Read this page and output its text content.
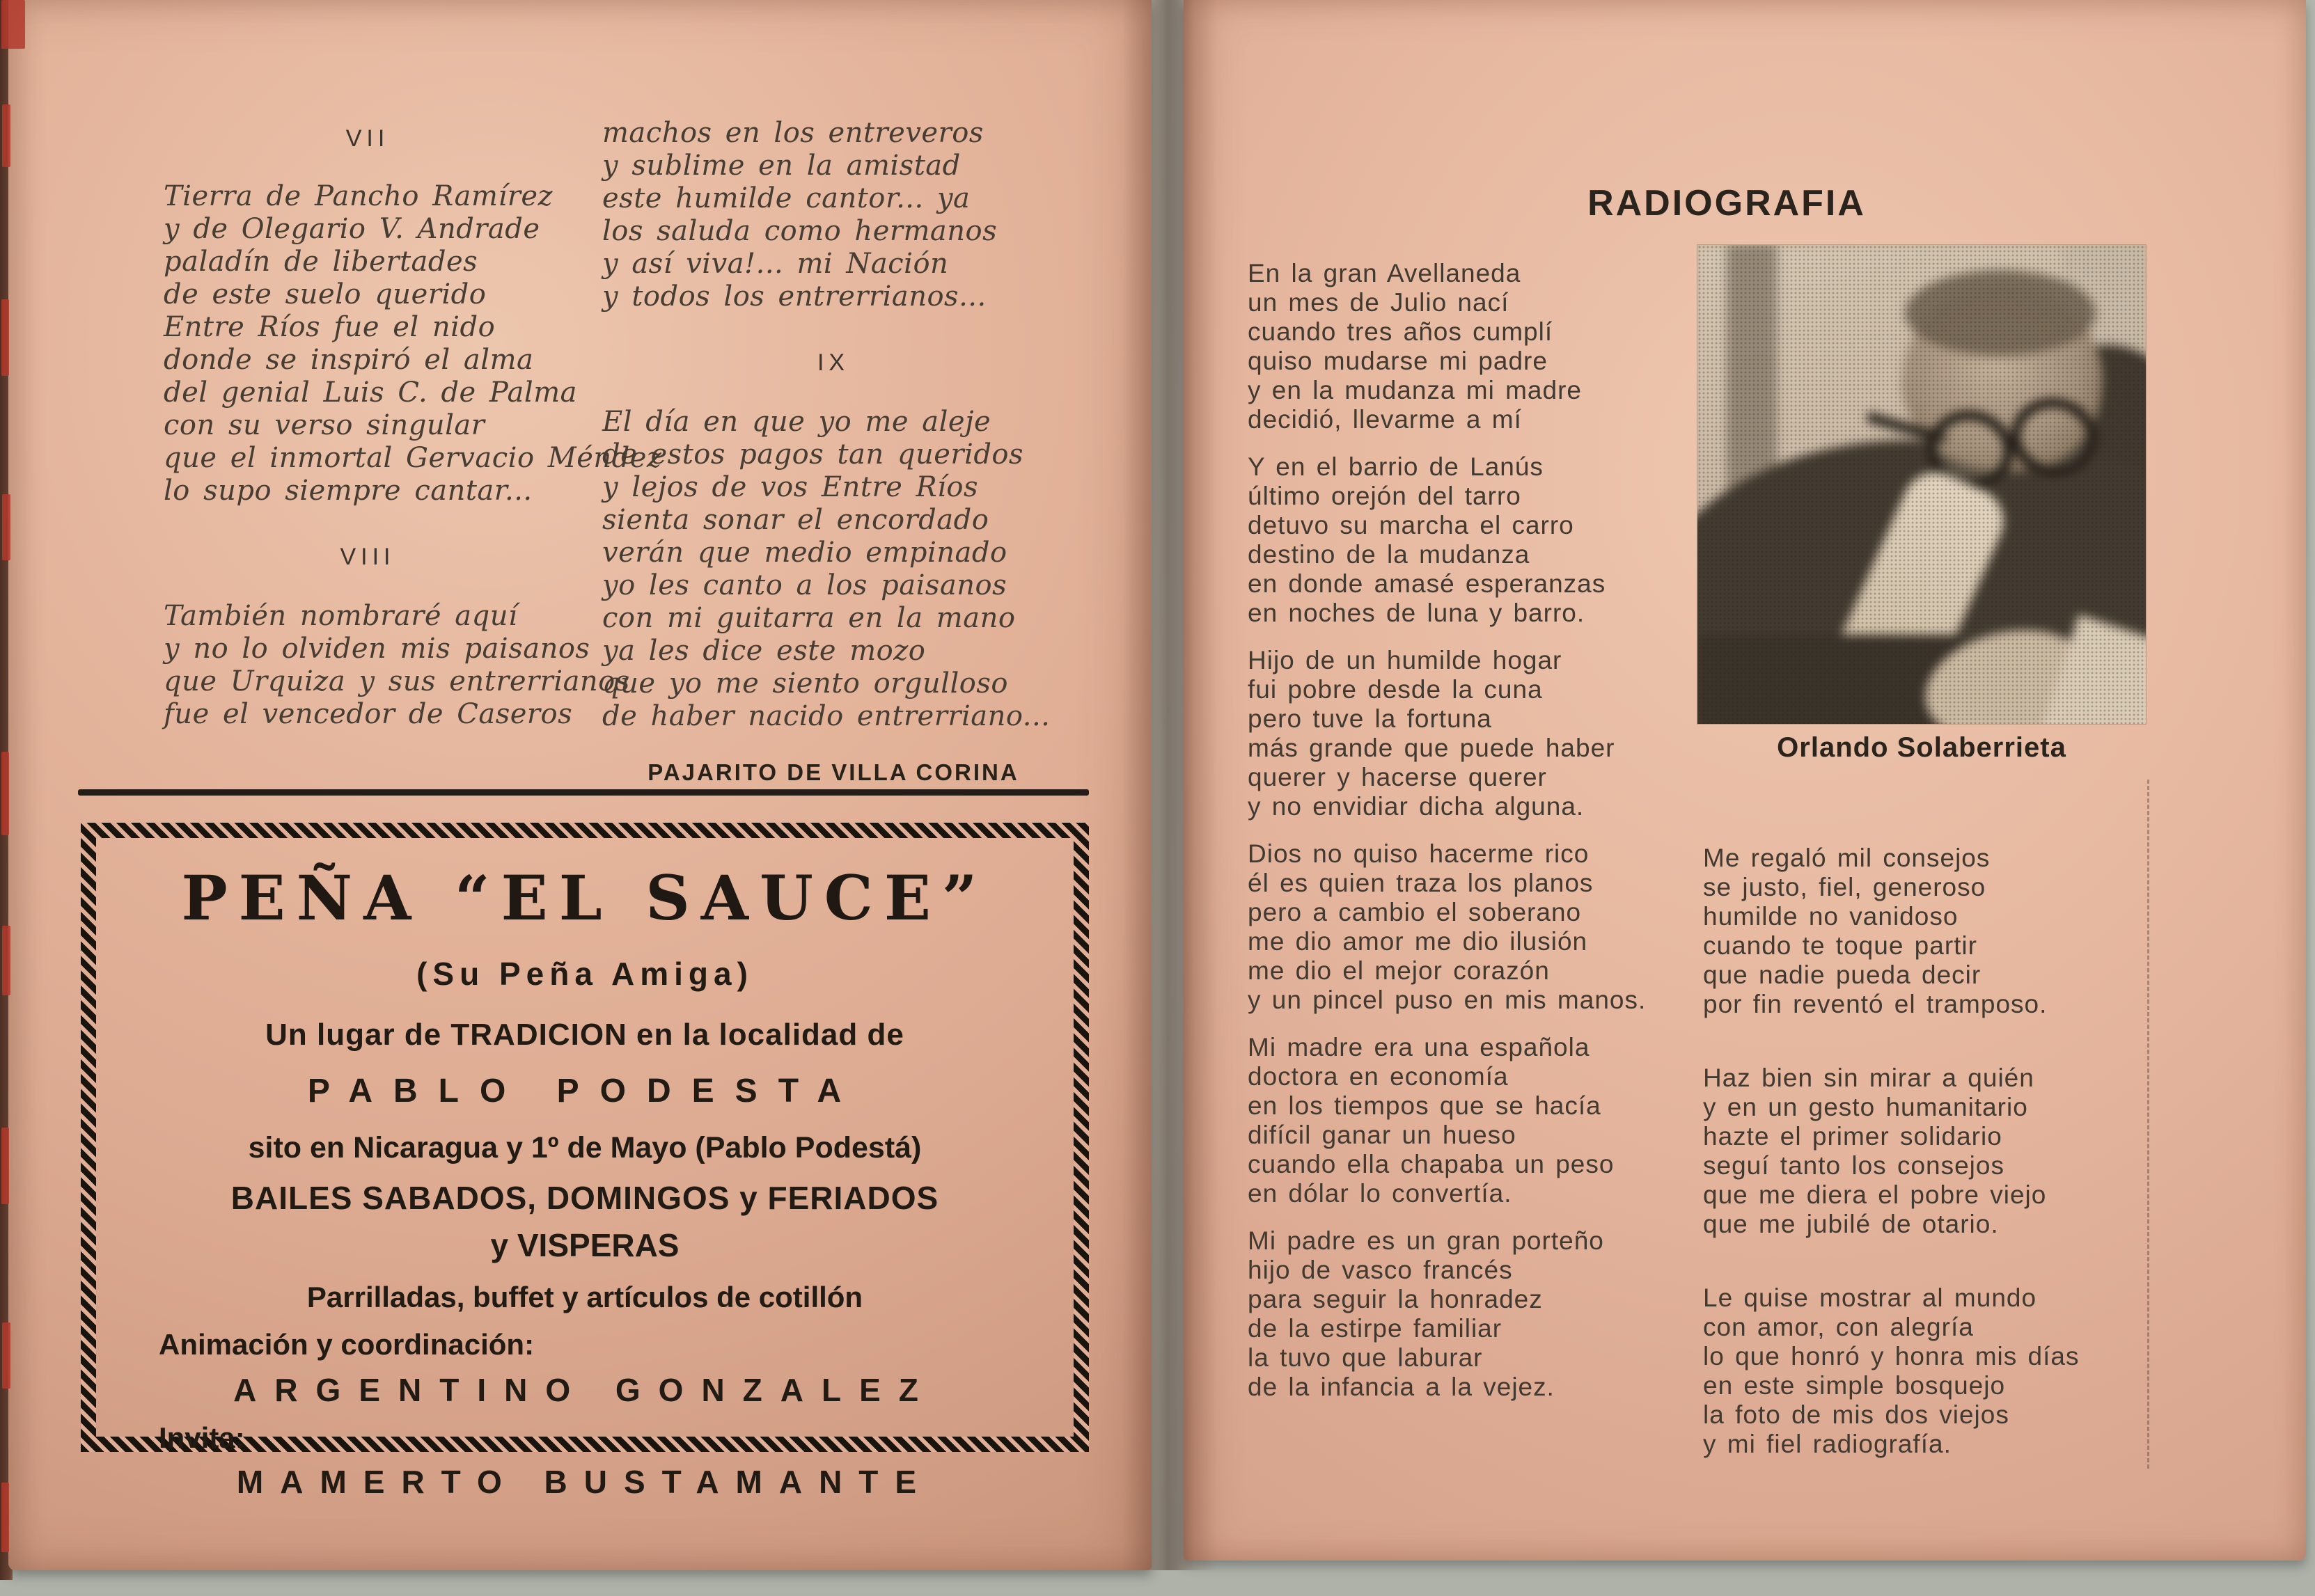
VII
Tierra de Pancho Ramírez
y de Olegario V. Andrade
paladín de libertades
de este suelo querido
Entre Ríos fue el nido
donde se inspiró el alma
del genial Luis C. de Palma
con su verso singular
que el inmortal Gervacio Méndez
lo supo siempre cantar...
VIII
También nombraré aquí
y no lo olviden mis paisanos
que Urquiza y sus entrerrianos
fue el vencedor de Caseros
machos en los entreveros
y sublime en la amistad
este humilde cantor... ya
los saluda como hermanos
y así viva!... mi Nación
y todos los entrerrianos...
IX
El día en que yo me aleje
de estos pagos tan queridos
y lejos de vos Entre Ríos
sienta sonar el encordado
verán que medio empinado
yo les canto a los paisanos
con mi guitarra en la mano
ya les dice este mozo
que yo me siento orgulloso
de haber nacido entrerriano...
PAJARITO DE VILLA CORINA
PEÑA “EL SAUCE”
(Su Peña Amiga)
Un lugar de TRADICION en la localidad de
PABLO PODESTA
sito en Nicaragua y 1º de Mayo (Pablo Podestá)
BAILES SABADOS, DOMINGOS y FERIADOS
y VISPERAS
Parrilladas, buffet y artículos de cotillón
Animación y coordinación:
ARGENTINO GONZALEZ
Invita:
MAMERTO BUSTAMANTE
RADIOGRAFIA
En la gran Avellaneda
un mes de Julio nací
cuando tres años cumplí
quiso mudarse mi padre
y en la mudanza mi madre
decidió, llevarme a mí
Y en el barrio de Lanús
último orejón del tarro
detuvo su marcha el carro
destino de la mudanza
en donde amasé esperanzas
en noches de luna y barro.
Hijo de un humilde hogar
fui pobre desde la cuna
pero tuve la fortuna
más grande que puede haber
querer y hacerse querer
y no envidiar dicha alguna.
Dios no quiso hacerme rico
él es quien traza los planos
pero a cambio el soberano
me dio amor me dio ilusión
me dio el mejor corazón
y un pincel puso en mis manos.
Mi madre era una española
doctora en economía
en los tiempos que se hacía
difícil ganar un hueso
cuando ella chapaba un peso
en dólar lo convertía.
Mi padre es un gran porteño
hijo de vasco francés
para seguir la honradez
de la estirpe familiar
la tuvo que laburar
de la infancia a la vejez.
Orlando Solaberrieta
Me regaló mil consejos
se justo, fiel, generoso
humilde no vanidoso
cuando te toque partir
que nadie pueda decir
por fin reventó el tramposo.
Haz bien sin mirar a quién
y en un gesto humanitario
hazte el primer solidario
seguí tanto los consejos
que me diera el pobre viejo
que me jubilé de otario.
Le quise mostrar al mundo
con amor, con alegría
lo que honró y honra mis días
en este simple bosquejo
la foto de mis dos viejos
y mi fiel radiografía.
